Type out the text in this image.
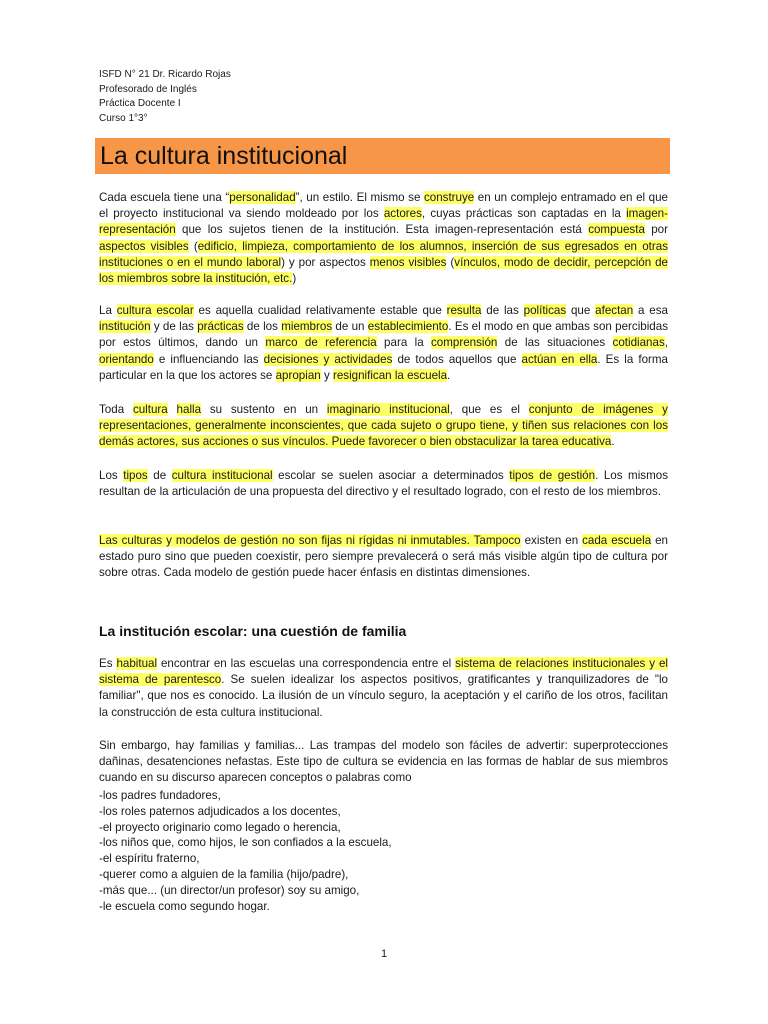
ISFD N° 21 Dr. Ricardo Rojas
Profesorado de Inglés
Práctica Docente I
Curso 1°3°
La cultura institucional
Cada escuela tiene una “personalidad”, un estilo. El mismo se construye en un complejo entramado en el que el proyecto institucional va siendo moldeado por los actores, cuyas prácticas son captadas en la imagen-representación que los sujetos tienen de la institución. Esta imagen-representación está compuesta por aspectos visibles (edificio, limpieza, comportamiento de los alumnos, inserción de sus egresados en otras instituciones o en el mundo laboral) y por aspectos menos visibles (vínculos, modo de decidir, percepción de los miembros sobre la institución, etc.)
La cultura escolar es aquella cualidad relativamente estable que resulta de las políticas que afectan a esa institución y de las prácticas de los miembros de un establecimiento. Es el modo en que ambas son percibidas por estos últimos, dando un marco de referencia para la comprensión de las situaciones cotidianas, orientando e influenciando las decisiones y actividades de todos aquellos que actúan en ella. Es la forma particular en la que los actores se apropian y resignifican la escuela.
Toda cultura halla su sustento en un imaginario institucional, que es el conjunto de imágenes y representaciones, generalmente inconscientes, que cada sujeto o grupo tiene, y tiñen sus relaciones con los demás actores, sus acciones o sus vínculos. Puede favorecer o bien obstaculizar la tarea educativa.
Los tipos de cultura institucional escolar se suelen asociar a determinados tipos de gestión. Los mismos resultan de la articulación de una propuesta del directivo y el resultado logrado, con el resto de los miembros.
Las culturas y modelos de gestión no son fijas ni rígidas ni inmutables. Tampoco existen en cada escuela en estado puro sino que pueden coexistir, pero siempre prevalecerá o será más visible algún tipo de cultura por sobre otras. Cada modelo de gestión puede hacer énfasis en distintas dimensiones.
La institución escolar: una cuestión de familia
Es habitual encontrar en las escuelas una correspondencia entre el sistema de relaciones institucionales y el sistema de parentesco. Se suelen idealizar los aspectos positivos, gratificantes y tranquilizadores de "lo familiar", que nos es conocido. La ilusión de un vínculo seguro, la aceptación y el cariño de los otros, facilitan la construcción de esta cultura institucional.
Sin embargo, hay familias y familias... Las trampas del modelo son fáciles de advertir: superprotecciones dañinas, desatenciones nefastas. Este tipo de cultura se evidencia en las formas de hablar de sus miembros cuando en su discurso aparecen conceptos o palabras como
-los padres fundadores,
-los roles paternos adjudicados a los docentes,
-el proyecto originario como legado o herencia,
-los niños que, como hijos, le son confiados a la escuela,
-el espíritu fraterno,
-querer como a alguien de la familia (hijo/padre),
-más que... (un director/un profesor) soy su amigo,
-le escuela como segundo hogar.
1
